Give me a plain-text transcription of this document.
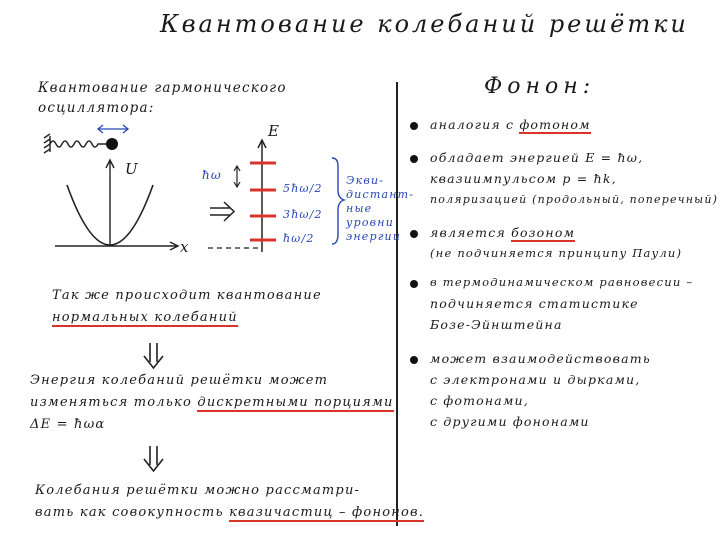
Квантование колебаний решётки
Квантование гармонического
осциллятора:
U
x
E
ħω
5ħω/2
3ħω/2
ħω/2
Экви-
дистант-
ные
уровни
энергии
Так же происходит квантование
нормальных колебаний
Энергия колебаний решётки может
изменяться только дискретными порциями
ΔE = ħωα
Колебания решётки можно рассматри-
вать как совокупность квазичастиц – фононов.
Фонон:
аналогия с фотоном
обладает энергией E = ħω,
квазиимпульсом p = ħk,
поляризацией (продольный, поперечный)
является бозоном
(не подчиняется принципу Паули)
в термодинамическом равновесии –
подчиняется статистике
Бозе-Эйнштейна
может взаимодействовать
с электронами и дырками,
с фотонами,
с другими фононами
